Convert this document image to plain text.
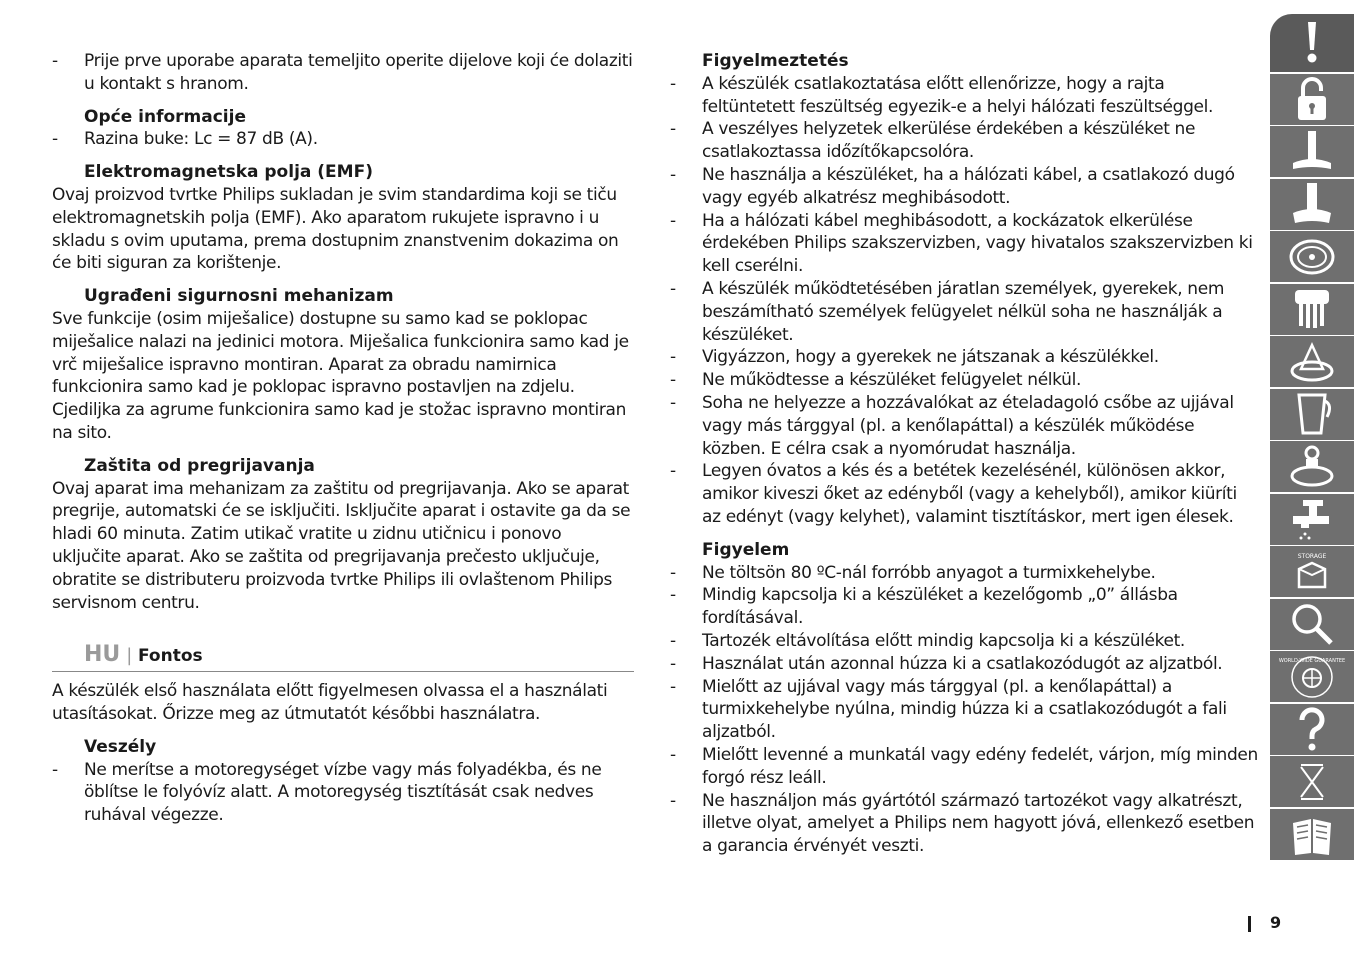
- Prije prve uporabe aparata temeljito operite dijelove koji će dolaziti u kontakt s hranom.
Opće informacije
- Razina buke: Lc = 87 dB (A).
Elektromagnetska polja (EMF)
Ovaj proizvod tvrtke Philips sukladan je svim standardima koji se tiču elektromagnetskih polja (EMF). Ako aparatom rukujete ispravno i u skladu s ovim uputama, prema dostupnim znanstvenim dokazima on će biti siguran za korištenje.
Ugrađeni sigurnosni mehanizam
Sve funkcije (osim miješalice) dostupne su samo kad se poklopac miješalice nalazi na jedinici motora. Miješalica funkcionira samo kad je vrč miješalice ispravno montiran. Aparat za obradu namirnica funkcionira samo kad je poklopac ispravno postavljen na zdjelu. Cjediljka za agrume funkcionira samo kad je stožac ispravno montiran na sito.
Zaštita od pregrijavanja
Ovaj aparat ima mehanizam za zaštitu od pregrijavanja. Ako se aparat pregrije, automatski će se isključiti. Isključite aparat i ostavite ga da se hladi 60 minuta. Zatim utikač vratite u zidnu utičnicu i ponovo uključite aparat. Ako se zaštita od pregrijavanja prečesto uključuje, obratite se distributeru proizvoda tvrtke Philips ili ovlaštenom Philips servisnom centru.
HU | Fontos
A készülék első használata előtt figyelmesen olvassa el a használati utasításokat. Őrizze meg az útmutatót későbbi használatra.
Veszély
- Ne merítse a motoregységet vízbe vagy más folyadékba, és ne öblítse le folyóvíz alatt. A motoregység tisztítását csak nedves ruhával végezze.
Figyelmeztetés
- A készülék csatlakoztatása előtt ellenőrizze, hogy a rajta feltüntetett feszültség egyezik-e a helyi hálózati feszültséggel.
- A veszélyes helyzetek elkerülése érdekében a készüléket ne csatlakoztassa időzítőkapcsolóra.
- Ne használja a készüléket, ha a hálózati kábel, a csatlakozó dugó vagy egyéb alkatrész meghibásodott.
- Ha a hálózati kábel meghibásodott, a kockázatok elkerülése érdekében Philips szakszervizben, vagy hivatalos szakszervizben ki kell cserélni.
- A készülék működtetésében járatlan személyek, gyerekek, nem beszámítható személyek felügyelet nélkül soha ne használják a készüléket.
- Vigyázzon, hogy a gyerekek ne játszanak a készülékkel.
- Ne működtesse a készüléket felügyelet nélkül.
- Soha ne helyezze a hozzávalókat az ételadagoló csőbe az ujjával vagy más tárggyal (pl. a kenőlapáttal) a készülék működése közben. E célra csak a nyomórudat használja.
- Legyen óvatos a kés és a betétek kezelésénél, különösen akkor, amikor kiveszi őket az edényből (vagy a kehelyből), amikor kiüríti az edényt (vagy kelyhet), valamint tisztításkor, mert igen élesek.
Figyelem
- Ne töltsön 80 ºC-nál forróbb anyagot a turmixkehelybe.
- Mindig kapcsolja ki a készüléket a kezelőgomb „0” állásba fordításával.
- Tartozék eltávolítása előtt mindig kapcsolja ki a készüléket.
- Használat után azonnal húzza ki a csatlakozódugót az aljzatból.
- Mielőtt az ujjával vagy más tárggyal (pl. a kenőlapáttal) a turmixkehelybe nyúlna, mindig húzza ki a csatlakozódugót a fali aljzatból.
- Mielőtt levenné a munkatál vagy edény fedelét, várjon, míg minden forgó rész leáll.
- Ne használjon más gyártótól származó tartozékot vagy alkatrészt, illetve olyat, amelyet a Philips nem hagyott jóvá, ellenkező esetben a garancia érvényét veszti.
STORAGE
WORLD-WIDE GUARANTEE
9
